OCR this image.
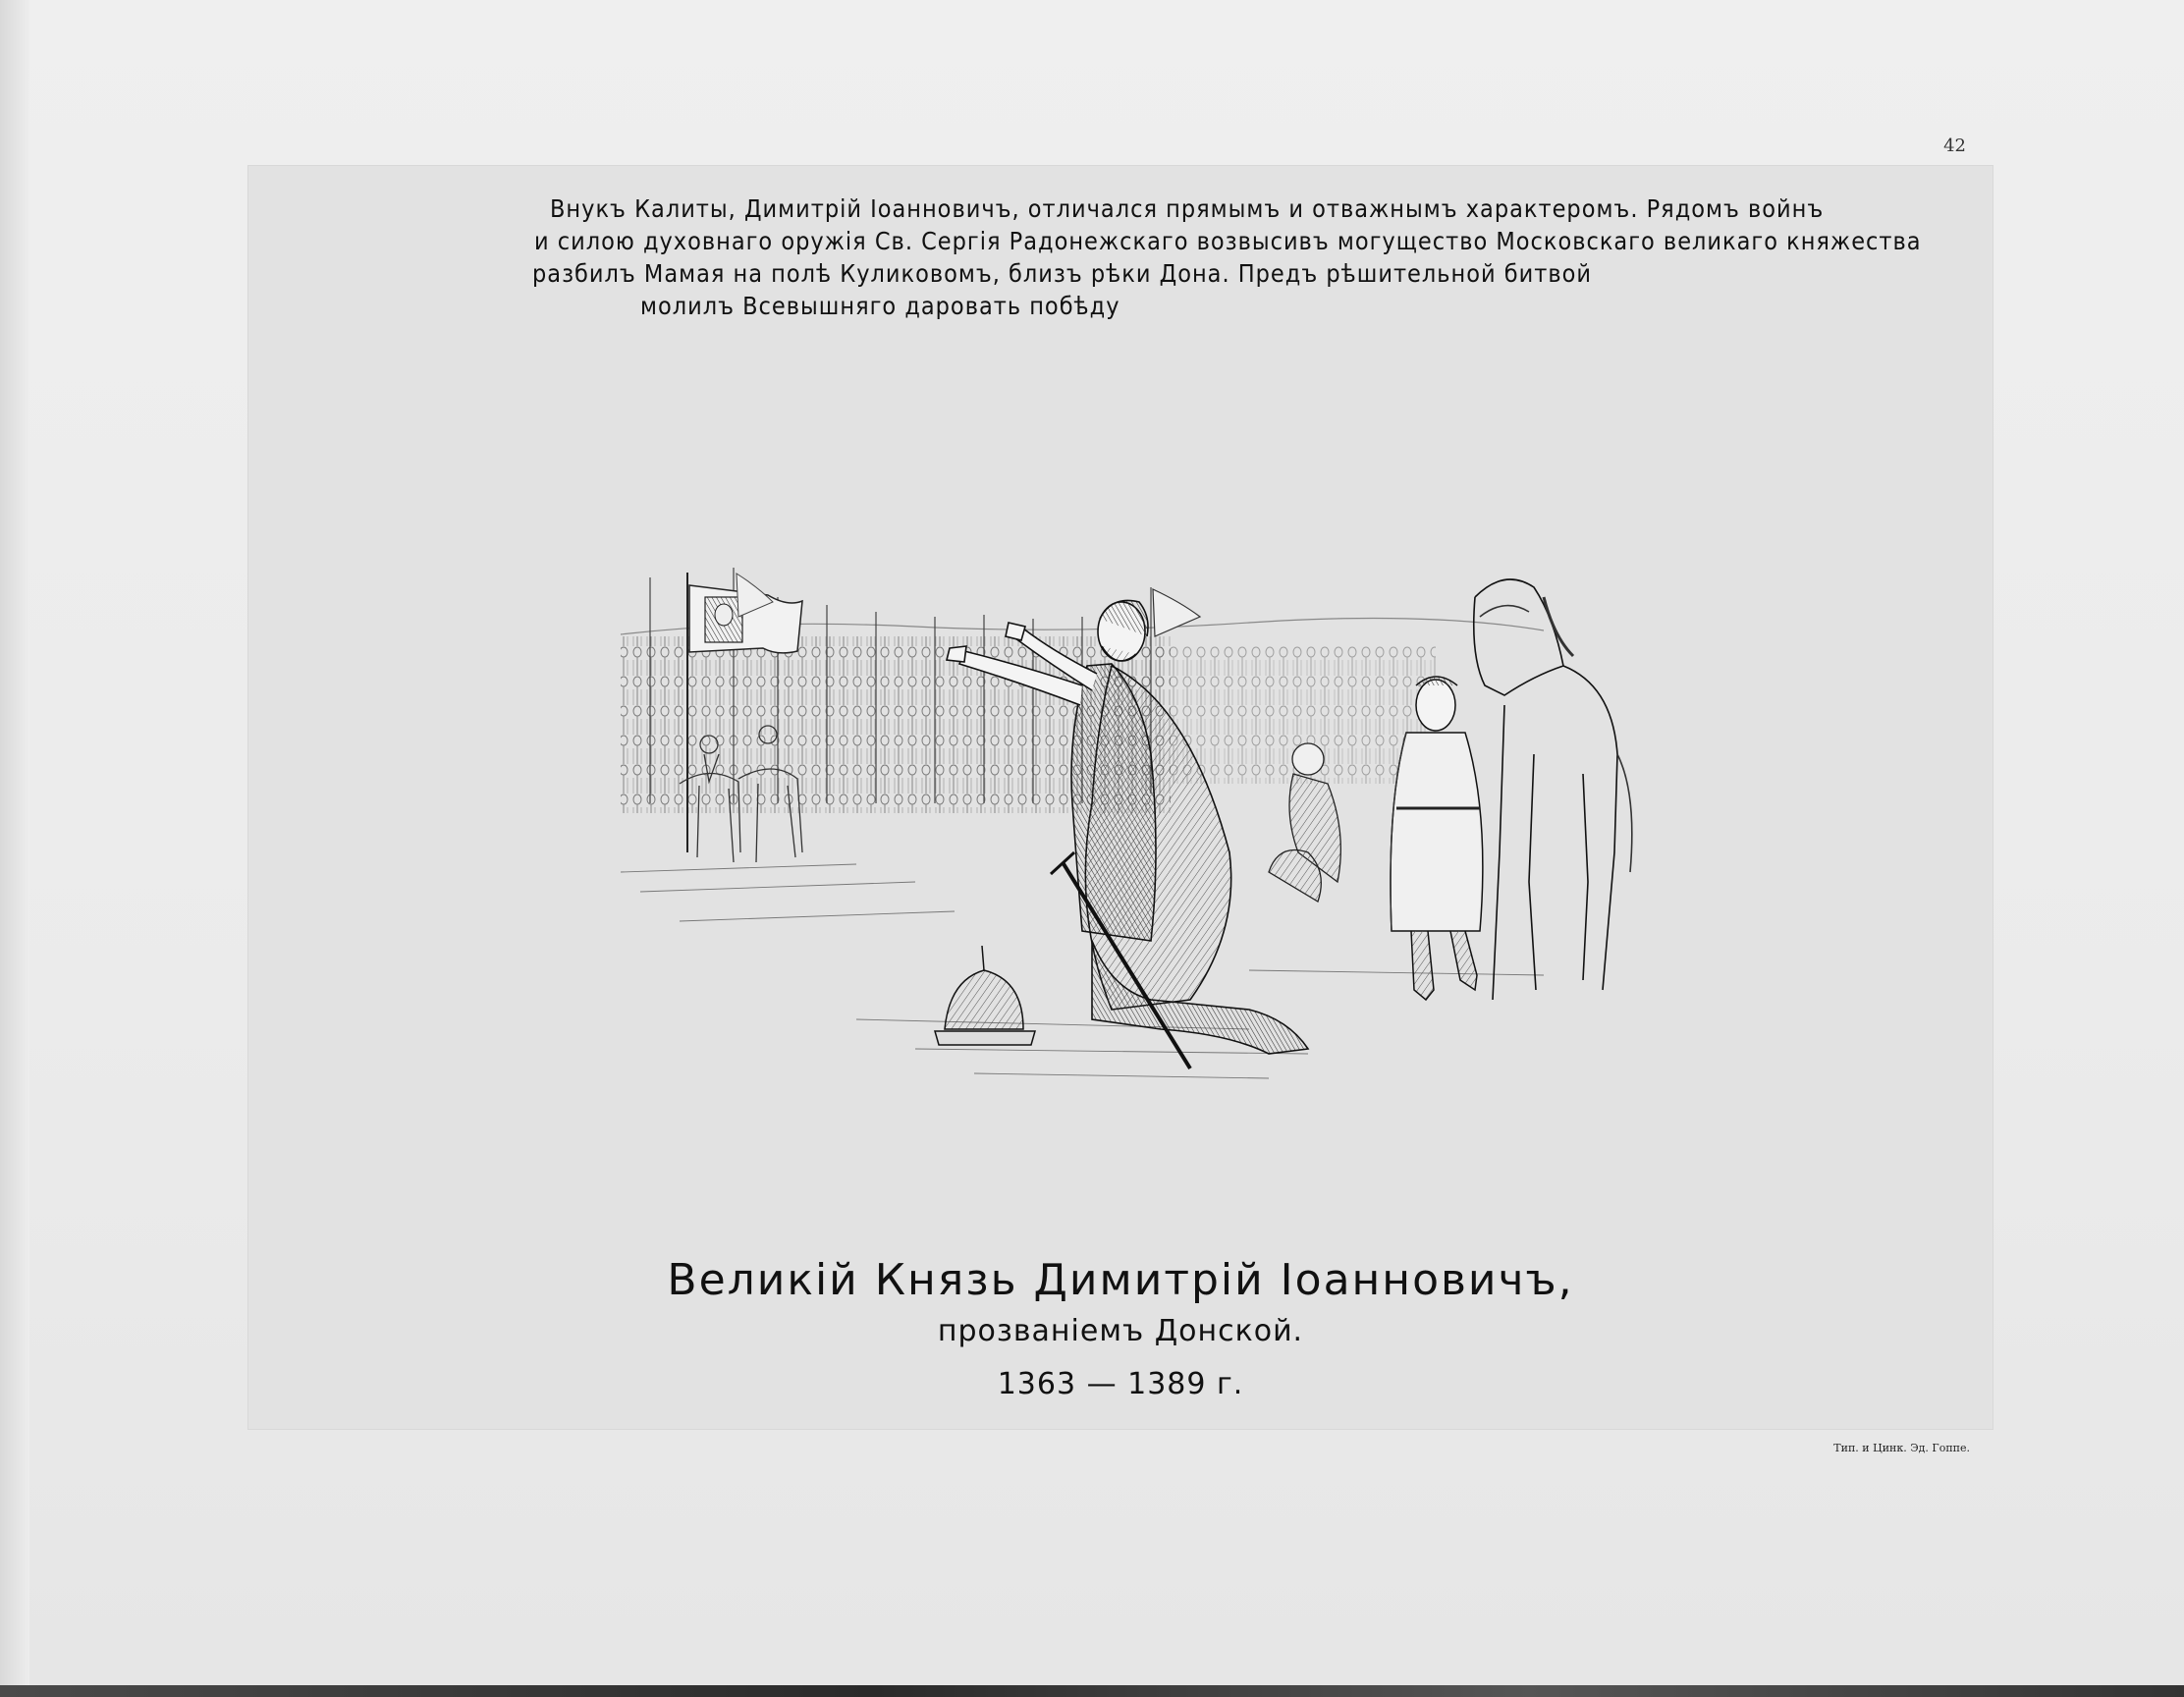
42
Внукъ Калиты, Димитрій Іоанновичъ, отличался прямымъ и отважнымъ характеромъ. Рядомъ войнъ
и силою духовнаго оружія Св. Сергія Радонежскаго возвысивъ могущество Московскаго великаго княжества
разбилъ Мамая на полѣ Куликовомъ, близъ рѣки Дона. Предъ рѣшительной битвой
молилъ Всевышняго даровать побѣду
Великій Князь Димитрій Іоанновичъ,
прозваніемъ Донской.
1363 — 1389 г.
Тип. и Цинк. Эд. Гоппе.
